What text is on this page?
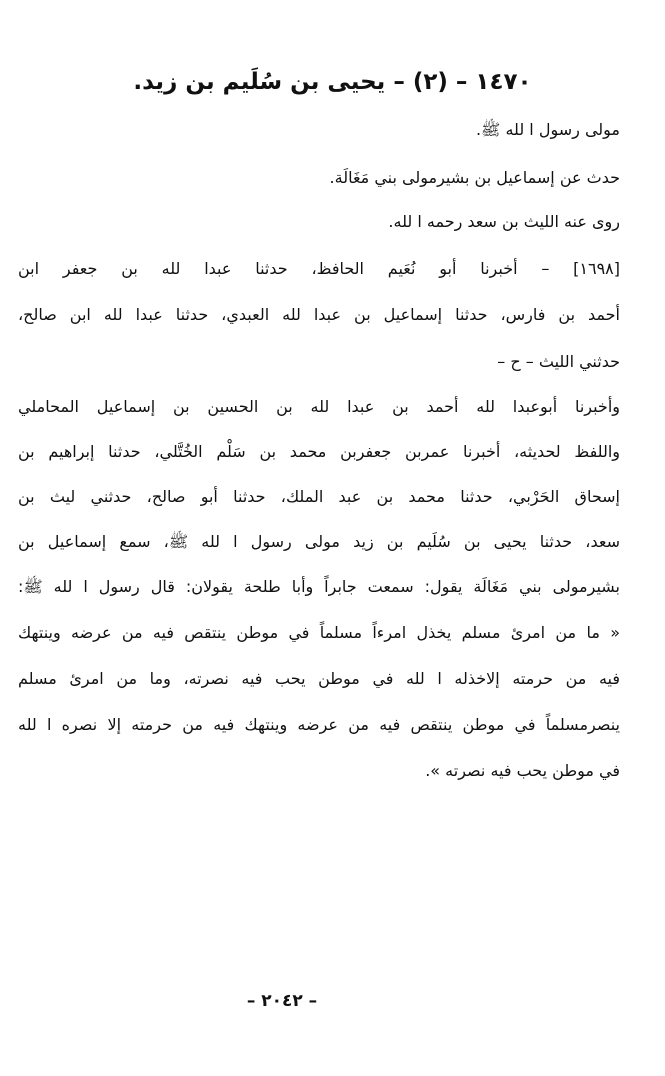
١٤٧٠ – (٢) – يحيى بن سُلَيم بن زيد.
مولى رسول ا لله ﷺ.
حدث عن إسماعيل بن بشيرمولى بني مَغَالَة.
روى عنه الليث بن سعد رحمه ا لله.
[١٦٩٨] – أخبرنا أبو نُعَيم الحافظ، حدثنا عبدا لله بن جعفر ابن
أحمد بن فارس، حدثنا إسماعيل بن عبدا لله العبدي، حدثنا عبدا لله ابن صالح،
حدثني الليث – ح –
وأخبرنا أبوعبدا لله أحمد بن عبدا لله بن الحسين بن إسماعيل المحاملي
واللفظ لحديثه، أخبرنا عمربن جعفربن محمد بن سَلْم الخُتَّلي، حدثنا إبراهيم بن
إسحاق الحَرْبي، حدثنا محمد بن عبد الملك، حدثنا أبو صالح، حدثني ليث بن
سعد، حدثنا يحيى بن سُلَيم بن زيد مولى رسول ا لله ﷺ، سمع إسماعيل بن
بشيرمولى بني مَغَالَة يقول: سمعت جابراً وأبا طلحة يقولان: قال رسول ا لله ﷺ:
« ما من امرئ مسلم يخذل امرءاً مسلماً في موطن ينتقص فيه من عرضه وينتهك
فيه من حرمته إلاخذله ا لله في موطن يحب فيه نصرته، وما من امرئ مسلم
ينصرمسلماً في موطن ينتقص فيه من عرضه وينتهك فيه من حرمته إلا نصره ا لله
في موطن يحب فيه نصرته ».
– ٢٠٤٢ –
